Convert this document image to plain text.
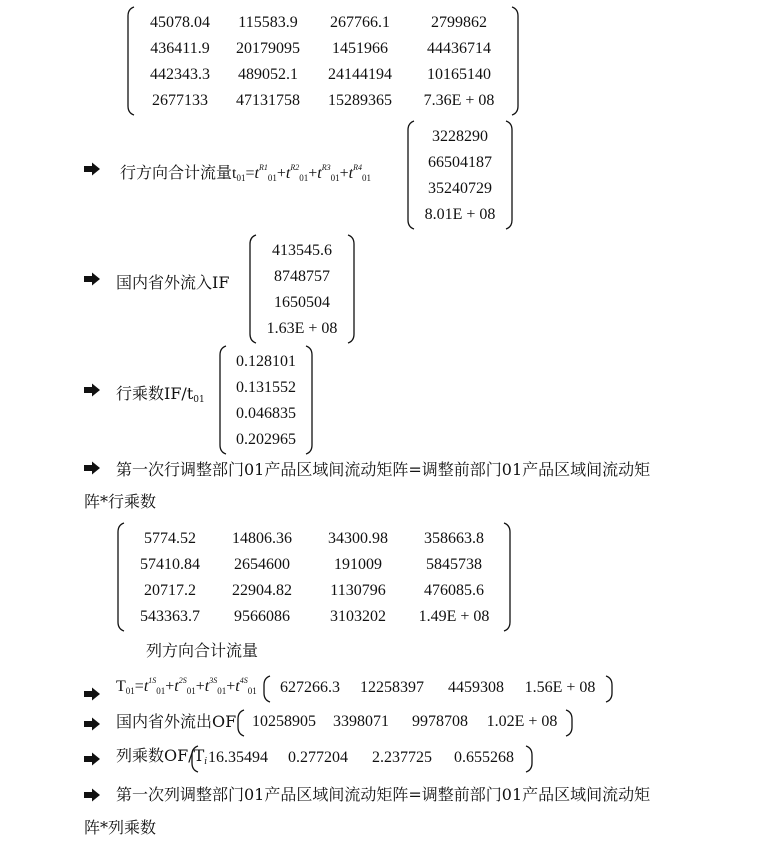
45078.04	115583.9	267766.1	2799862
436411.9	20179095	1451966	44436714
442343.3	489052.1	24144194	10165140
2677133	47131758	15289365	7.36E + 08
行方向合计流量$t_{01}=t^{R1}_{01}+t^{R2}_{01}+t^{R3}_{01}+t^{R4}_{01}$
3228290
66504187
35240729
8.01E + 08
国内省外流入IF
413545.6
8748757
1650504
1.63E + 08
行乘数$IF/t_{01}$
0.128101
0.131552
0.046835
0.202965
第一次行调整部门01产品区域间流动矩阵=调整前部门01产品区域间流动矩
阵*行乘数
5774.52	14806.36	34300.98	358663.8
57410.84	2654600	191009	5845738
20717.2	22904.82	1130796	476085.6
543363.7	9566086	3103202	1.49E + 08
列方向合计流量
$T_{01}=t^{1S}_{01}+t^{2S}_{01}+t^{3S}_{01}+t^{4S}_{01}$	627266.3	12258397	4459308	1.56E + 08
国内省外流出OF 10258905	3398071	9978708	1.02E + 08
列乘数$OF/T_i$ 16.35494	0.277204	2.237725	0.655268
第一次列调整部门01产品区域间流动矩阵=调整前部门01产品区域间流动矩
阵*列乘数
